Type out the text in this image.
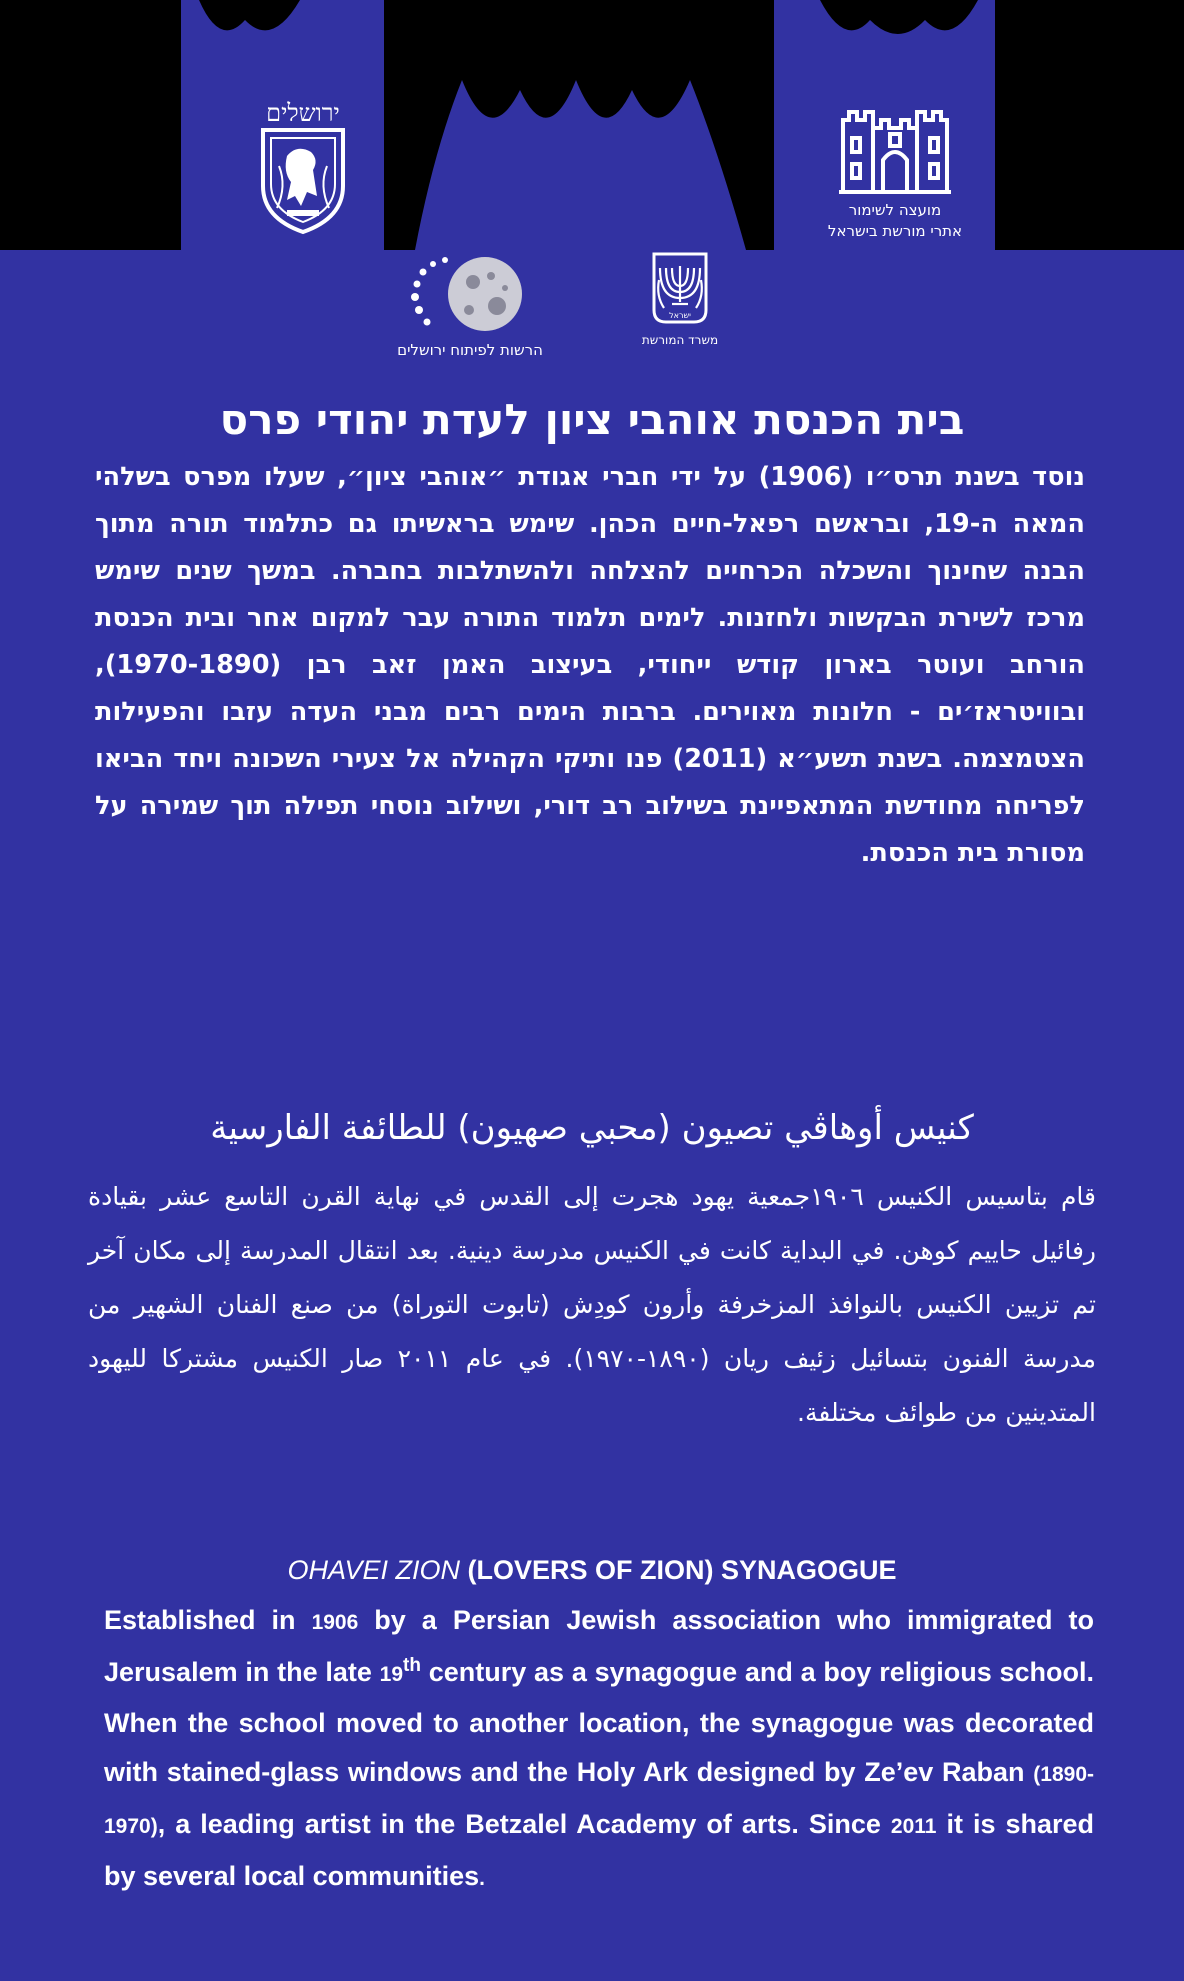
ירושלים
מועצה לשימור
אתרי מורשת בישראל
הרשות לפיתוח ירושלים
ישראל
משרד המורשת
בית הכנסת אוהבי ציון לעדת יהודי פרס
נוסד בשנת תרס״ו (1906) על ידי חברי אגודת ״אוהבי ציון״, שעלו מפרס בשלהי המאה ה-19, ובראשם רפאל-חיים הכהן. שימש בראשיתו גם כתלמוד תורה מתוך הבנה שחינוך והשכלה הכרחיים להצלחה ולהשתלבות בחברה. במשך שנים שימש מרכז לשירת הבקשות ולחזנות. לימים תלמוד התורה עבר למקום אחר ובית הכנסת הורחב ועוטר בארון קודש ייחודי, בעיצוב האמן זאב רבן (1970-1890), ובוויטראז׳ים - חלונות מאוירים. ברבות הימים רבים מבני העדה עזבו והפעילות הצטמצמה. בשנת תשע״א (2011) פנו ותיקי הקהילה אל צעירי השכונה ויחד הביאו לפריחה מחודשת המתאפיינת בשילוב רב דורי, ושילוב נוסחי תפילה תוך שמירה על מסורת בית הכנסת.
كنيس أوهاڤي تصيون (محبي صهيون) للطائفة الفارسية
قام بتاسيس الكنيس ١٩٠٦جمعية يهود هجرت إلى القدس في نهاية القرن التاسع عشر بقيادة رفائيل حاييم كوهن. في البداية كانت في الكنيس مدرسة دينية. بعد انتقال المدرسة إلى مكان آخر تم تزيين الكنيس بالنوافذ المزخرفة وأرون كودِش (تابوت التوراة) من صنع الفنان الشهير من مدرسة الفنون بتسائيل زئيف ريان (١٨٩٠-١٩٧٠). في عام ٢٠١١ صار الكنيس مشتركا لليهود المتدينين من طوائف مختلفة.
OHAVEI ZION (LOVERS OF ZION) SYNAGOGUE
Established in 1906 by a Persian Jewish association who immigrated to Jerusalem in the late 19th century as a synagogue and a boy religious school. When the school moved to another location, the synagogue was decorated with stained-glass windows and the Holy Ark designed by Ze’ev Raban (1890-1970), a leading artist in the Betzalel Academy of arts. Since 2011 it is shared by several local communities.
